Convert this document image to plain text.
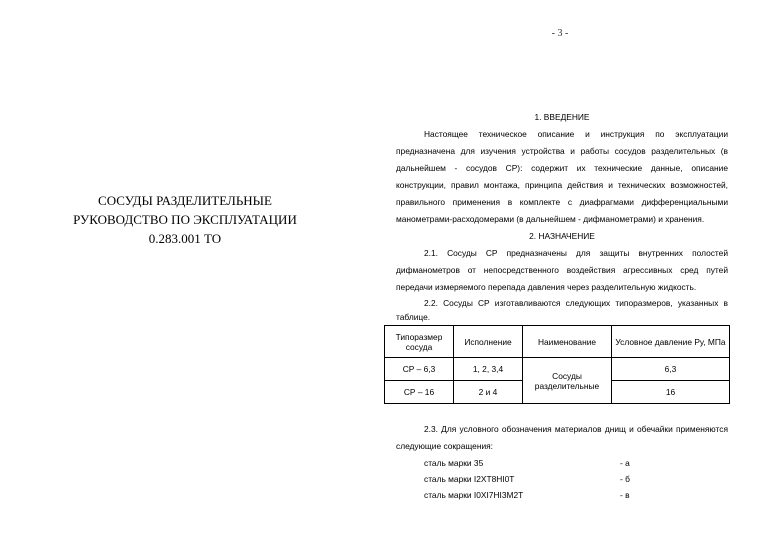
- 3 -
СОСУДЫ РАЗДЕЛИТЕЛЬНЫЕ
РУКОВОДСТВО ПО ЭКСПЛУАТАЦИИ
0.283.001 ТО
1. ВВЕДЕНИЕ
Настоящее техническое описание и инструкция по эксплуатации предназначена для изучения устройства и работы сосудов разделительных (в дальнейшем - сосудов СР): содержит их технические данные, описание конструкции, правил монтажа, принципа действия и технических возможностей, правильного применения в комплекте с диафрагмами дифференциальными манометрами-расходомерами (в дальнейшем - дифманометрами) и хранения.
2. НАЗНАЧЕНИЕ
2.1. Сосуды СР предназначены для защиты внутренних полостей дифманометров от непосредственного воздействия агрессивных сред путей передачи измеряемого перепада давления через разделительную жидкость.
2.2. Сосуды СР изготавливаются следующих типоразмеров, указанных в таблице.
Типоразмер сосуда	Исполнение	Наименование	Условное давление Ру, МПа
СР – 6,3	1, 2, 3,4	Сосуды разделительные	6,3
СР – 16	2 и 4		16
2.3. Для условного обозначения материалов днищ и обечайки применяются следующие сокращения:
сталь марки 35	- а
сталь марки I2ХТ8НI0Т	- б
сталь марки I0ХI7НI3М2Т	- в
